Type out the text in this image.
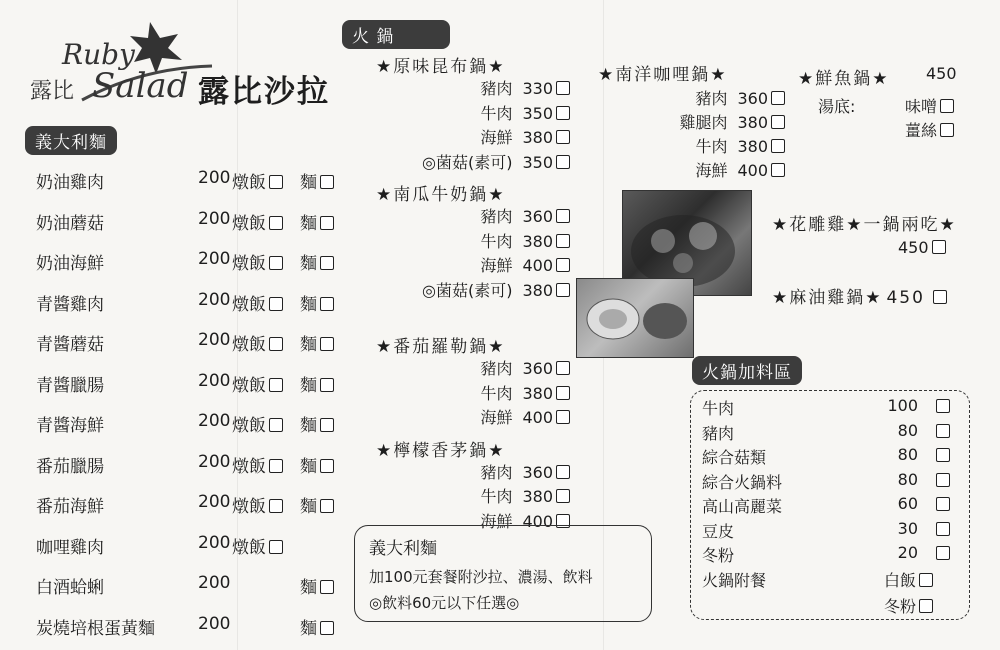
Ruby
露比 Salad 露比沙拉
義大利麵
奶油雞肉	200 燉飯	麵
奶油蘑菇	200 燉飯	麵
奶油海鮮	200 燉飯	麵
青醬雞肉	200 燉飯	麵
青醬蘑菇	200 燉飯	麵
青醬臘腸	200 燉飯	麵
青醬海鮮	200 燉飯	麵
番茄臘腸	200 燉飯	麵
番茄海鮮	200 燉飯	麵
咖哩雞肉	200 燉飯
白酒蛤蜊	200	麵
炭燒培根蛋黃麵	200	麵
火 鍋
★原味昆布鍋★
豬肉 330
牛肉 350
海鮮 380
◎菌菇(素可) 350
★南瓜牛奶鍋★
豬肉 360
牛肉 380
海鮮 400
◎菌菇(素可) 380
★番茄羅勒鍋★
豬肉 360
牛肉 380
海鮮 400
★檸檬香茅鍋★
豬肉 360
牛肉 380
海鮮 400
義大利麵
加100元套餐附沙拉、濃湯、飲料
◎飲料60元以下任選◎
★南洋咖哩鍋★
豬肉 360
雞腿肉 380
牛肉 380
海鮮 400
★鮮魚鍋★ 450
湯底:	味噌
薑絲
★花雕雞★一鍋兩吃★
450
★麻油雞鍋★ 450
火鍋加料區
牛肉	100
豬肉	80
綜合菇類	80
綜合火鍋料	80
高山高麗菜	60
豆皮	30
冬粉	20
火鍋附餐	白飯
冬粉
